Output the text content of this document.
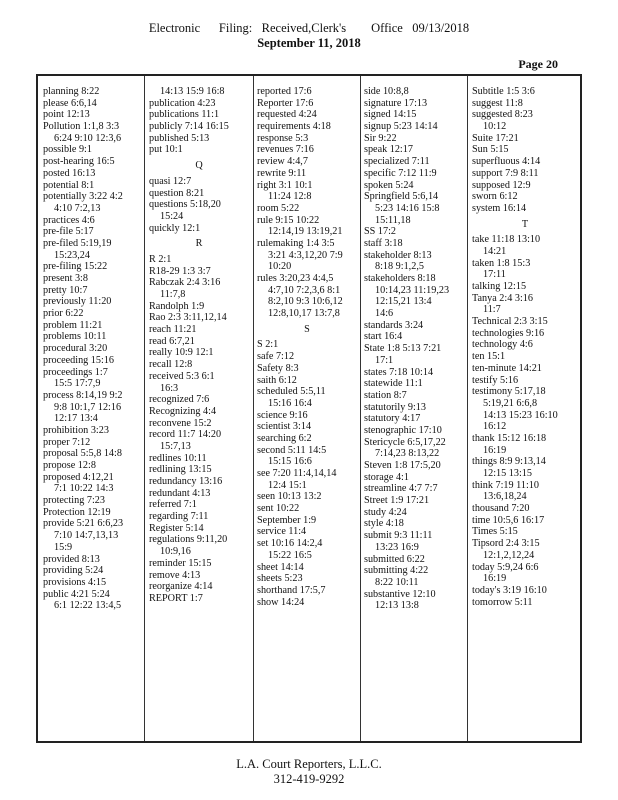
Electronic      Filing:   Received,Clerk's        Office   09/13/2018
September 11, 2018
Page 20
planning 8:22
please 6:6,14
point 12:13
Pollution 1:1,8 3:3
6:24 9:10 12:3,6
possible 9:1
post-hearing 16:5
posted 16:13
potential 8:1
potentially 3:22 4:2
4:10 7:2,13
practices 4:6
pre-file 5:17
pre-filed 5:19,19
15:23,24
pre-filing 15:22
present 3:8
pretty 10:7
previously 11:20
prior 6:22
problem 11:21
problems 10:11
procedural 3:20
proceeding 15:16
proceedings 1:7
15:5 17:7,9
process 8:14,19 9:2
9:8 10:1,7 12:16
12:17 13:4
prohibition 3:23
proper 7:12
proposal 5:5,8 14:8
propose 12:8
proposed 4:12,21
7:1 10:22 14:3
protecting 7:23
Protection 12:19
provide 5:21 6:6,23
7:10 14:7,13,13
15:9
provided 8:13
providing 5:24
provisions 4:15
public 4:21 5:24
6:1 12:22 13:4,5
14:13 15:9 16:8
publication 4:23
publications 11:1
publicly 7:14 16:15
published 5:13
put 10:1
Q
quasi 12:7
question 8:21
questions 5:18,20
15:24
quickly 12:1
R
R 2:1
R18-29 1:3 3:7
Rabczak 2:4 3:16
11:7,8
Randolph 1:9
Rao 2:3 3:11,12,14
reach 11:21
read 6:7,21
really 10:9 12:1
recall 12:8
received 5:3 6:1
16:3
recognized 7:6
Recognizing 4:4
reconvene 15:2
record 11:7 14:20
15:7,13
redlines 10:11
redlining 13:15
redundancy 13:16
redundant 4:13
referred 7:1
regarding 7:11
Register 5:14
regulations 9:11,20
10:9,16
reminder 15:15
remove 4:13
reorganize 4:14
REPORT 1:7
reported 17:6
Reporter 17:6
requested 4:24
requirements 4:18
response 5:3
revenues 7:16
review 4:4,7
rewrite 9:11
right 3:1 10:1
11:24 12:8
room 5:22
rule 9:15 10:22
12:14,19 13:19,21
rulemaking 1:4 3:5
3:21 4:3,12,20 7:9
10:20
rules 3:20,23 4:4,5
4:7,10 7:2,3,6 8:1
8:2,10 9:3 10:6,12
12:8,10,17 13:7,8
S
S 2:1
safe 7:12
Safety 8:3
saith 6:12
scheduled 5:5,11
15:16 16:4
science 9:16
scientist 3:14
searching 6:2
second 5:11 14:5
15:15 16:6
see 7:20 11:4,14,14
12:4 15:1
seen 10:13 13:2
sent 10:22
September 1:9
service 11:4
set 10:16 14:2,4
15:22 16:5
sheet 14:14
sheets 5:23
shorthand 17:5,7
show 14:24
side 10:8,8
signature 17:13
signed 14:15
signup 5:23 14:14
Sir 9:22
speak 12:17
specialized 7:11
specific 7:12 11:9
spoken 5:24
Springfield 5:6,14
5:23 14:16 15:8
15:11,18
SS 17:2
staff 3:18
stakeholder 8:13
8:18 9:1,2,5
stakeholders 8:18
10:14,23 11:19,23
12:15,21 13:4
14:6
standards 3:24
start 16:4
State 1:8 5:13 7:21
17:1
states 7:18 10:14
statewide 11:1
station 8:7
statutorily 9:13
statutory 4:17
stenographic 17:10
Stericycle 6:5,17,22
7:14,23 8:13,22
Steven 1:8 17:5,20
storage 4:1
streamline 4:7 7:7
Street 1:9 17:21
study 4:24
style 4:18
submit 9:3 11:11
13:23 16:9
submitted 6:22
submitting 4:22
8:22 10:11
substantive 12:10
12:13 13:8
Subtitle 1:5 3:6
suggest 11:8
suggested 8:23
10:12
Suite 17:21
Sun 5:15
superfluous 4:14
support 7:9 8:11
supposed 12:9
sworn 6:12
system 16:14
T
take 11:18 13:10
14:21
taken 1:8 15:3
17:11
talking 12:15
Tanya 2:4 3:16
11:7
Technical 2:3 3:15
technologies 9:16
technology 4:6
ten 15:1
ten-minute 14:21
testify 5:16
testimony 5:17,18
5:19,21 6:6,8
14:13 15:23 16:10
16:12
thank 15:12 16:18
16:19
things 8:9 9:13,14
12:15 13:15
think 7:19 11:10
13:6,18,24
thousand 7:20
time 10:5,6 16:17
Times 5:15
Tipsord 2:4 3:15
12:1,2,12,24
today 5:9,24 6:6
16:19
today's 3:19 16:10
tomorrow 5:11
L.A. Court Reporters, L.L.C.
312-419-9292
